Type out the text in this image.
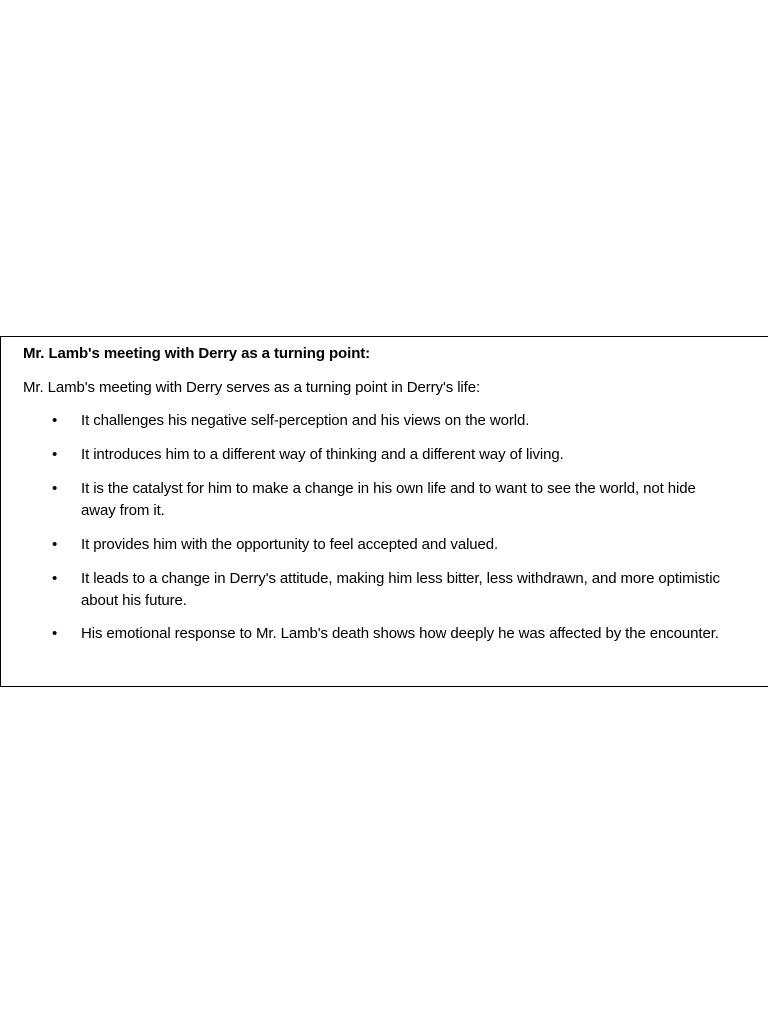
Mr. Lamb's meeting with Derry as a turning point:
Mr. Lamb's meeting with Derry serves as a turning point in Derry's life:
• It challenges his negative self-perception and his views on the world.
• It introduces him to a different way of thinking and a different way of living.
• It is the catalyst for him to make a change in his own life and to want to see the world, not hide away from it.
• It provides him with the opportunity to feel accepted and valued.
• It leads to a change in Derry's attitude, making him less bitter, less withdrawn, and more optimistic about his future.
• His emotional response to Mr. Lamb's death shows how deeply he was affected by the encounter.
